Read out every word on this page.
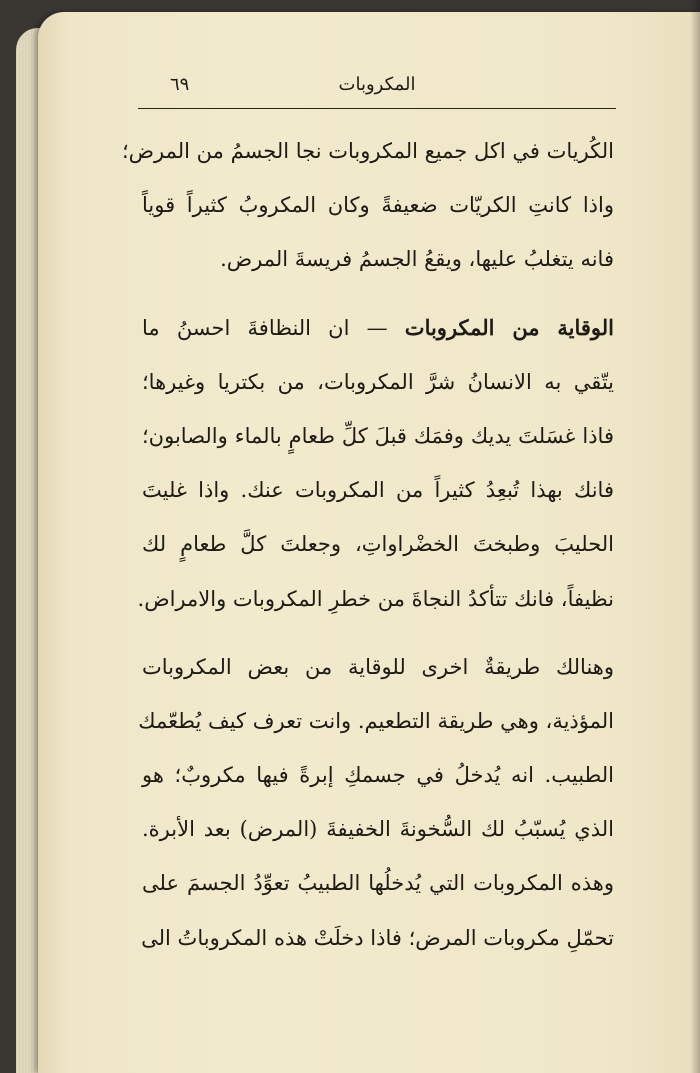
المكروبات
٦٩
الكُريات في اكل جميع المكروبات نجا الجسمُ من المرض؛
واذا كانتِ الكريّات ضعيفةً وكان المكروبُ كثيراً قوياً
فانه يتغلبُ عليها، ويقعُ الجسمُ فريسةَ المرض.
الوقاية من المكروبات — ان النظافةَ احسنُ ما
يتّقي به الانسانُ شرَّ المكروبات، من بكتريا وغيرها؛
فاذا غسَلتَ يديك وفمَك قبلَ كلِّ طعامٍ بالماء والصابون؛
فانك بهذا تُبعِدُ كثيراً من المكروبات عنك. واذا غليتَ
الحليبَ وطبختَ الخضْراواتِ، وجعلتَ كلَّ طعامٍ لك
نظيفاً، فانك تتأكدُ النجاةَ من خطرِ المكروبات والامراض.
وهنالك طريقةٌ اخرى للوقاية من بعض المكروبات
المؤذية، وهي طريقة التطعيم. وانت تعرف كيف يُطعّمك
الطبيب. انه يُدخلُ في جسمكِ إبرةً فيها مكروبٌ؛ هو
الذي يُسبّبُ لك السُّخونةَ الخفيفةَ (المرض) بعد الأبرة.
وهذه المكروبات التي يُدخلُها الطبيبُ تعوِّدُ الجسمَ على
تحمّلِ مكروبات المرض؛ فاذا دخلَتْ هذه المكروباتُ الى
